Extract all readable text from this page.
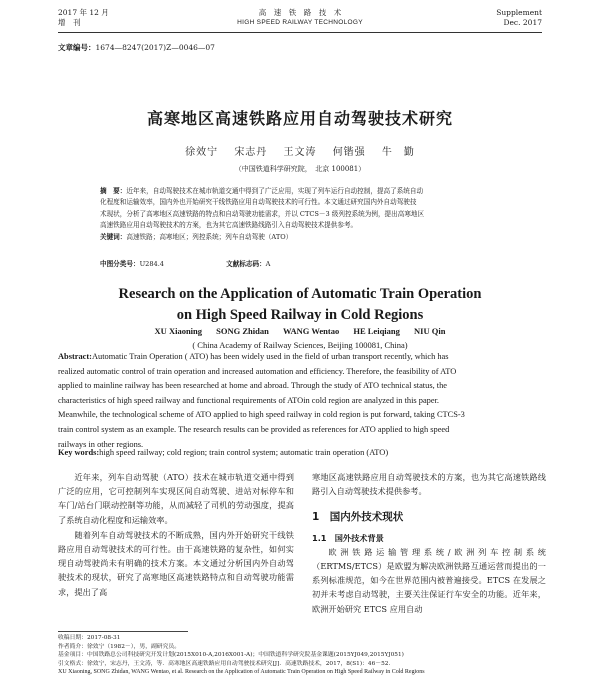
2017 年 12 月
增　刊
高　速　铁　路　技　术
HIGH SPEED RAILWAY TECHNOLOGY
Supplement
Dec. 2017
文章编号：1674—8247(2017)Z—0046—07
高寒地区高速铁路应用自动驾驶技术研究
徐效宁 宋志丹 王文涛 何锴强 牛　勤
（中国铁道科学研究院，　北京 100081）

摘　要：近年来，自动驾驶技术在城市轨道交通中得到了广泛应用，实现了列车运行自动控制，提高了系统自动

化程度和运输效率，国内外也开始研究干线铁路应用自动驾驶技术的可行性。本文通过研究国内外自动驾驶技

术现状，分析了高寒地区高速铁路的特点和自动驾驶功能需求，并以 CTCS－3 级列控系统为例，提出高寒地区

高速铁路应用自动驾驶技术的方案，也为其它高速铁路线路引入自动驾驶技术提供参考。

关键词：高速铁路；高寒地区；列控系统；列车自动驾驶（ATO）

中图分类号：U284.4	文献标志码：A
Research on the Application of Automatic Train Operation
on High Speed Railway in Cold Regions
XU Xiaoning SONG Zhidan WANG Wentao HE Leiqiang NIU Qin
( China Academy of Railway Sciences, Beijing 100081, China)

Abstract:Automatic Train Operation ( ATO) has been widely used in the field of urban transport recently, which has

realized automatic control of train operation and increased automation and efficiency. Therefore, the feasibility of ATO

applied to mainline railway has been researched at home and abroad. Through the study of ATO technical status, the

characteristics of high speed railway and functional requirements of ATOin cold region are analyzed in this paper.

Meanwhile, the technological scheme of ATO applied to high speed railway in cold region is put forward, taking CTCS-3

train control system as an example. The research results can be provided as references for ATO applied to high speed

railways in other regions.

Key words:high speed railway; cold region; train control system; automatic train operation (ATO)

近年来，列车自动驾驶（ATO）技术在城市轨道交通中得到广泛的应用，它可控制列车实现区间自动驾驶、进站对标停车和车门/站台门联动控制等功能，从而减轻了司机的劳动强度，提高了系统自动化程度和运输效率。

随着列车自动驾驶技术的不断成熟，国内外开始研究干线铁路应用自动驾驶技术的可行性。由于高速铁路的复杂性，如何实现自动驾驶尚未有明确的技术方案。本文通过分析国内外自动驾驶技术的现状，研究了高寒地区高速铁路特点和自动驾驶功能需求，提出了高

寒地区高速铁路应用自动驾驶技术的方案，也为其它高速铁路线路引入自动驾驶技术提供参考。
1　国内外技术现状
1.1　国外技术背景

欧洲铁路运输管理系统/欧洲列车控制系统（ERTMS/ETCS）是欧盟为解决欧洲铁路互通运营而提出的一系列标准规范，如今在世界范围内被普遍接受。ETCS 在发展之初并未考虑自动驾驶，主要关注保证行车安全的功能。近年来，欧洲开始研究 ETCS 应用自动

收稿日期：2017-08-31

作者简介：徐效宁（1982－），男，副研究员。

基金项目：中国铁路总公司科技研究开发计划(2015X010-A,2016X001-A)；中国铁道科学研究院基金课题(2015YJ049,2015YJ051)

引文格式：徐效宁，宋志丹，王文涛，等．高寒地区高速铁路应用自动驾驶技术研究[J]．高速铁路技术，2017，8(S1)：46－52．

XU Xiaoning, SONG Zhidan, WANG Wentao, et al. Research on the Application of Automatic Train Operation on High Speed Railway in Cold Regions
